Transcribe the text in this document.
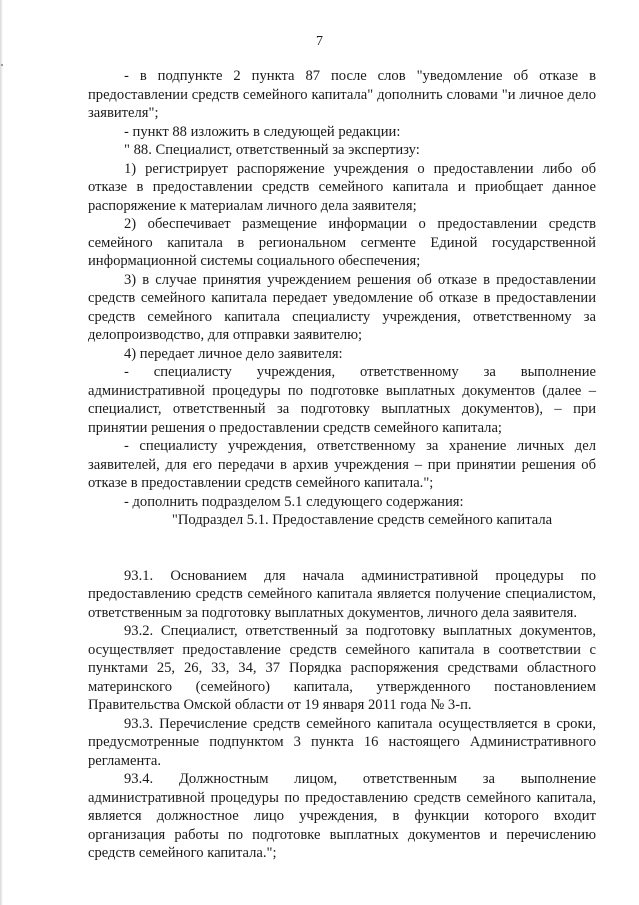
7

- в подпункте 2 пункта 87 после слов "уведомление об отказе в предоставлении средств семейного капитала" дополнить словами "и личное дело заявителя";

- пункт 88 изложить в следующей редакции:

" 88. Специалист, ответственный за экспертизу:

1) регистрирует распоряжение учреждения о предоставлении либо об отказе в предоставлении средств семейного капитала и приобщает данное распоряжение к материалам личного дела заявителя;

2) обеспечивает размещение информации о предоставлении средств семейного капитала в региональном сегменте Единой государственной информационной системы социального обеспечения;

3) в случае принятия учреждением решения об отказе в предоставлении средств семейного капитала передает уведомление об отказе в предоставлении средств семейного капитала специалисту учреждения, ответственному за делопроизводство, для отправки заявителю;

4) передает личное дело заявителя:

- специалисту учреждения, ответственному за выполнение административной процедуры по подготовке выплатных документов (далее – специалист, ответственный за подготовку выплатных документов), – при принятии решения о предоставлении средств семейного капитала;

- специалисту учреждения, ответственному за хранение личных дел заявителей, для его передачи в архив учреждения – при принятии решения об отказе в предоставлении средств семейного капитала.";

- дополнить подразделом 5.1 следующего содержания:

"Подраздел 5.1. Предоставление средств семейного капитала

93.1. Основанием для начала административной процедуры по предоставлению средств семейного капитала является получение специалистом, ответственным за подготовку выплатных документов, личного дела заявителя.

93.2. Специалист, ответственный за подготовку выплатных документов, осуществляет предоставление средств семейного капитала в соответствии с пунктами 25, 26, 33, 34, 37 Порядка распоряжения средствами областного материнского (семейного) капитала, утвержденного постановлением Правительства Омской области от 19 января 2011 года № 3-п.

93.3. Перечисление средств семейного капитала осуществляется в сроки, предусмотренные подпунктом 3 пункта 16 настоящего Административного регламента.

93.4. Должностным лицом, ответственным за выполнение административной процедуры по предоставлению средств семейного капитала, является должностное лицо учреждения, в функции которого входит организация работы по подготовке выплатных документов и перечислению средств семейного капитала.";
